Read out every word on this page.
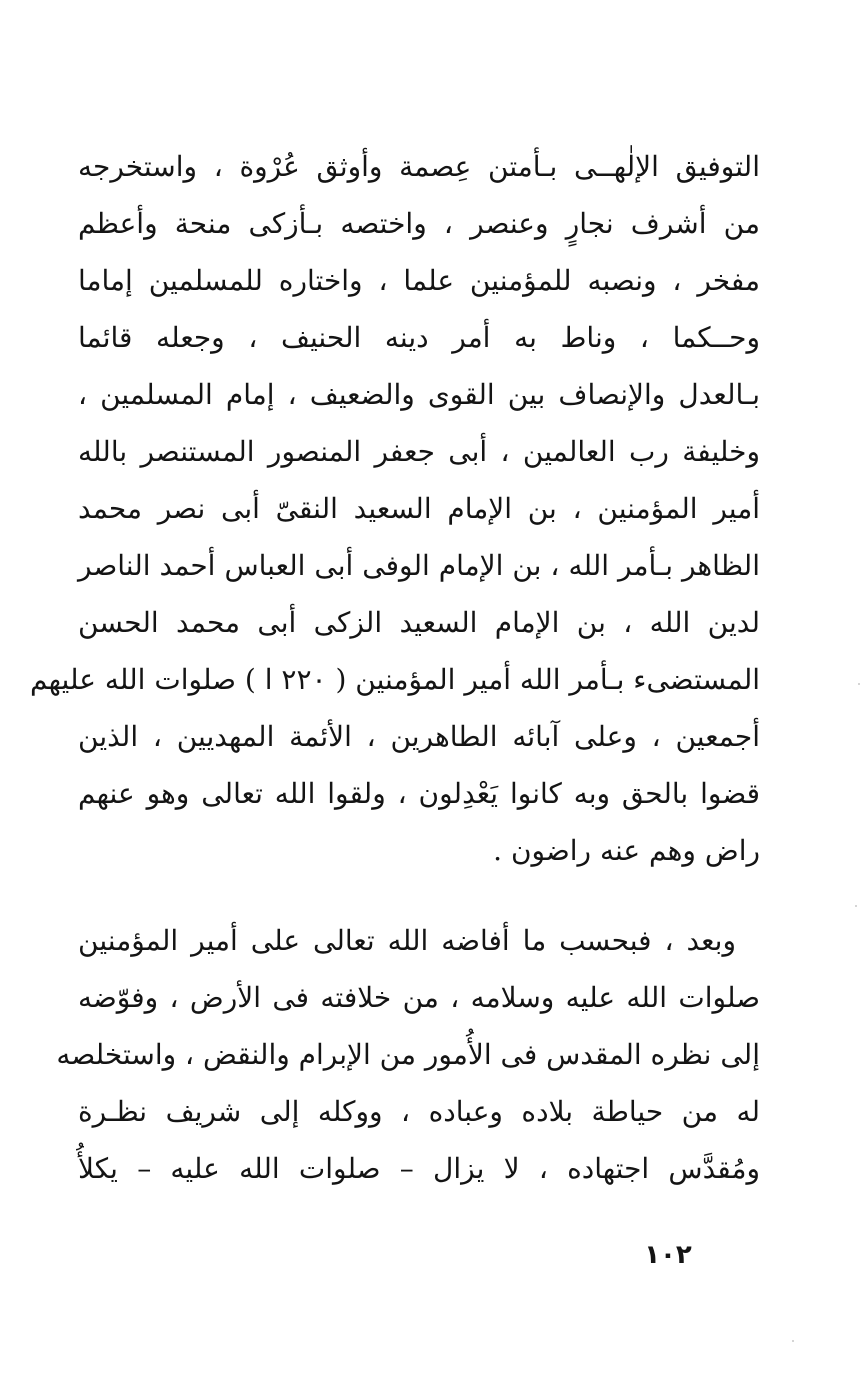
التوفيق الإلٰهــى بـأمتن عِصمة وأوثق عُرْوة ، واستخرجه
من أشرف نجارٍ وعنصر ، واختصه بـأزكى منحة وأعظم
مفخر ، ونصبه للمؤمنين علما ، واختاره للمسلمين إماما
وحــكما ، وناط به أمر دينه الحنيف ، وجعله قائما
بـالعدل والإنصاف بين القوى والضعيف ، إمام المسلمين ،
وخليفة رب العالمين ، أبى جعفر المنصور المستنصر بالله
أمير المؤمنين ، بن الإمام السعيد النقىّ أبى نصر محمد
الظاهر بـأمر الله ، بن الإمام الوفى أبى العباس أحمد الناصر
لدين الله ، بن الإمام السعيد الزكى أبى محمد الحسن
المستضىء بـأمر الله أمير المؤمنين ( ٢٢٠ ا ) صلوات الله عليهم
أجمعين ، وعلى آبائه الطاهرين ، الأئمة المهديين ، الذين
قضوا بالحق وبه كانوا يَعْدِلون ، ولقوا الله تعالى وهو عنهم
راض وهم عنه راضون .
وبعد ، فبحسب ما أفاضه الله تعالى على أمير المؤمنين
صلوات الله عليه وسلامه ، من خلافته فى الأرض ، وفوّضه
إلى نظره المقدس فى الأُمور من الإبرام والنقض ، واستخلصه
له من حياطة بلاده وعباده ، ووكله إلى شريف نظـرة
ومُقدَّس اجتهاده ، لا يزال – صلوات الله عليه – يكلأُ
١٠٢
